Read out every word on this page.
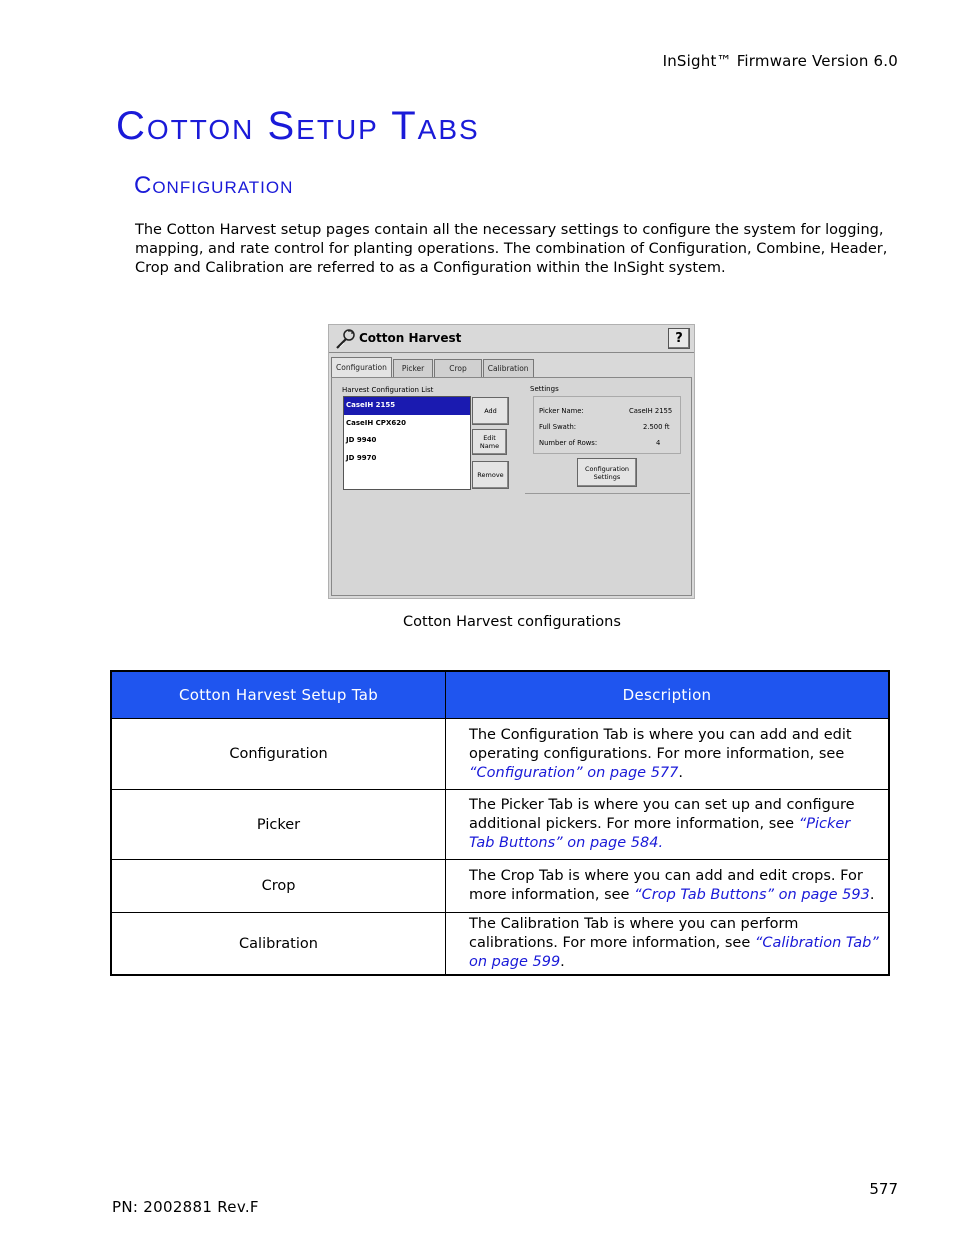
InSight™ Firmware Version 6.0
Cotton Setup Tabs
Configuration
The Cotton Harvest setup pages contain all the necessary settings to configure the system for logging, mapping, and rate control for planting operations. The combination of Configuration, Combine, Header, Crop and Calibration are referred to as a Configuration within the InSight system.
Cotton Harvest	?
Configuration	Picker	Crop	Calibration
Harvest Configuration List
CaseIH 2155
CaseIH CPX620
JD 9940
JD 9970
Add
Edit Name
Remove
Settings
Picker Name:	CaseIH 2155
Full Swath:	2.500 ft
Number of Rows:	4
Configuration Settings
Cotton Harvest configurations
Cotton Harvest Setup Tab	Description
Configuration	The Configuration Tab is where you can add and edit operating configurations. For more information, see “Configuration” on page 577.
Picker	The Picker Tab is where you can set up and configure additional pickers. For more information, see “Picker Tab Buttons” on page 584.
Crop	The Crop Tab is where you can add and edit crops. For more information, see “Crop Tab Buttons” on page 593.
Calibration	The Calibration Tab is where you can perform calibrations. For more information, see “Calibration Tab” on page 599.
577
PN: 2002881 Rev.F
